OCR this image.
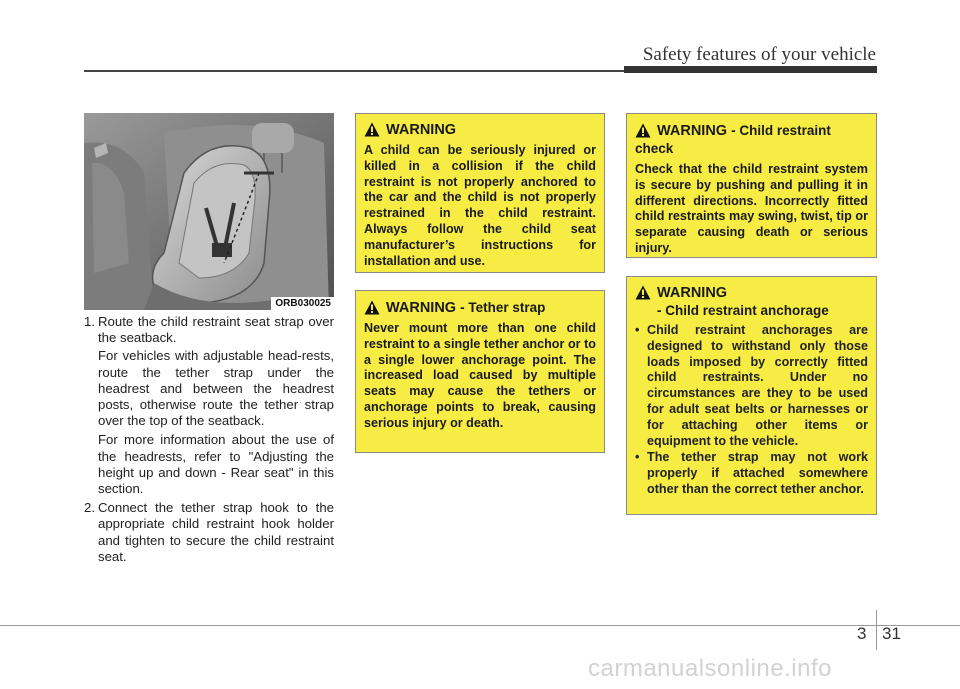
Safety features of your vehicle
ORB030025

1. Route the child restraint seat strap over the seatback.

For vehicles with adjustable head-rests, route the tether strap under the headrest and between the headrest posts, otherwise route the tether strap over the top of the seatback.

For more information about the use of the headrests, refer to "Adjusting the height up and down - Rear seat" in this section.

2. Connect the tether strap hook to the appropriate child restraint hook holder and tighten to secure the child restraint seat.

WARNING
A child can be seriously injured or killed in a collision if the child restraint is not properly anchored to the car and the child is not properly restrained in the child restraint. Always follow the child seat manufacturer’s instructions for installation and use.
WARNING - Tether strap
Never mount more than one child restraint to a single tether anchor or to a single lower anchorage point. The increased load caused by multiple seats may cause the tethers or anchorage points to break, causing serious injury or death.
WARNING - Child restraint check
Check that the child restraint system is secure by pushing and pulling it in different directions. Incorrectly fitted child restraints may swing, twist, tip or separate causing death or serious injury.
WARNING
- Child restraint anchorage
• Child restraint anchorages are designed to withstand only those loads imposed by correctly fitted child restraints. Under no circumstances are they to be used for adult seat belts or harnesses or for attaching other items or equipment to the vehicle.
• The tether strap may not work properly if attached somewhere other than the correct tether anchor.
3 31
carmanualsonline.info
